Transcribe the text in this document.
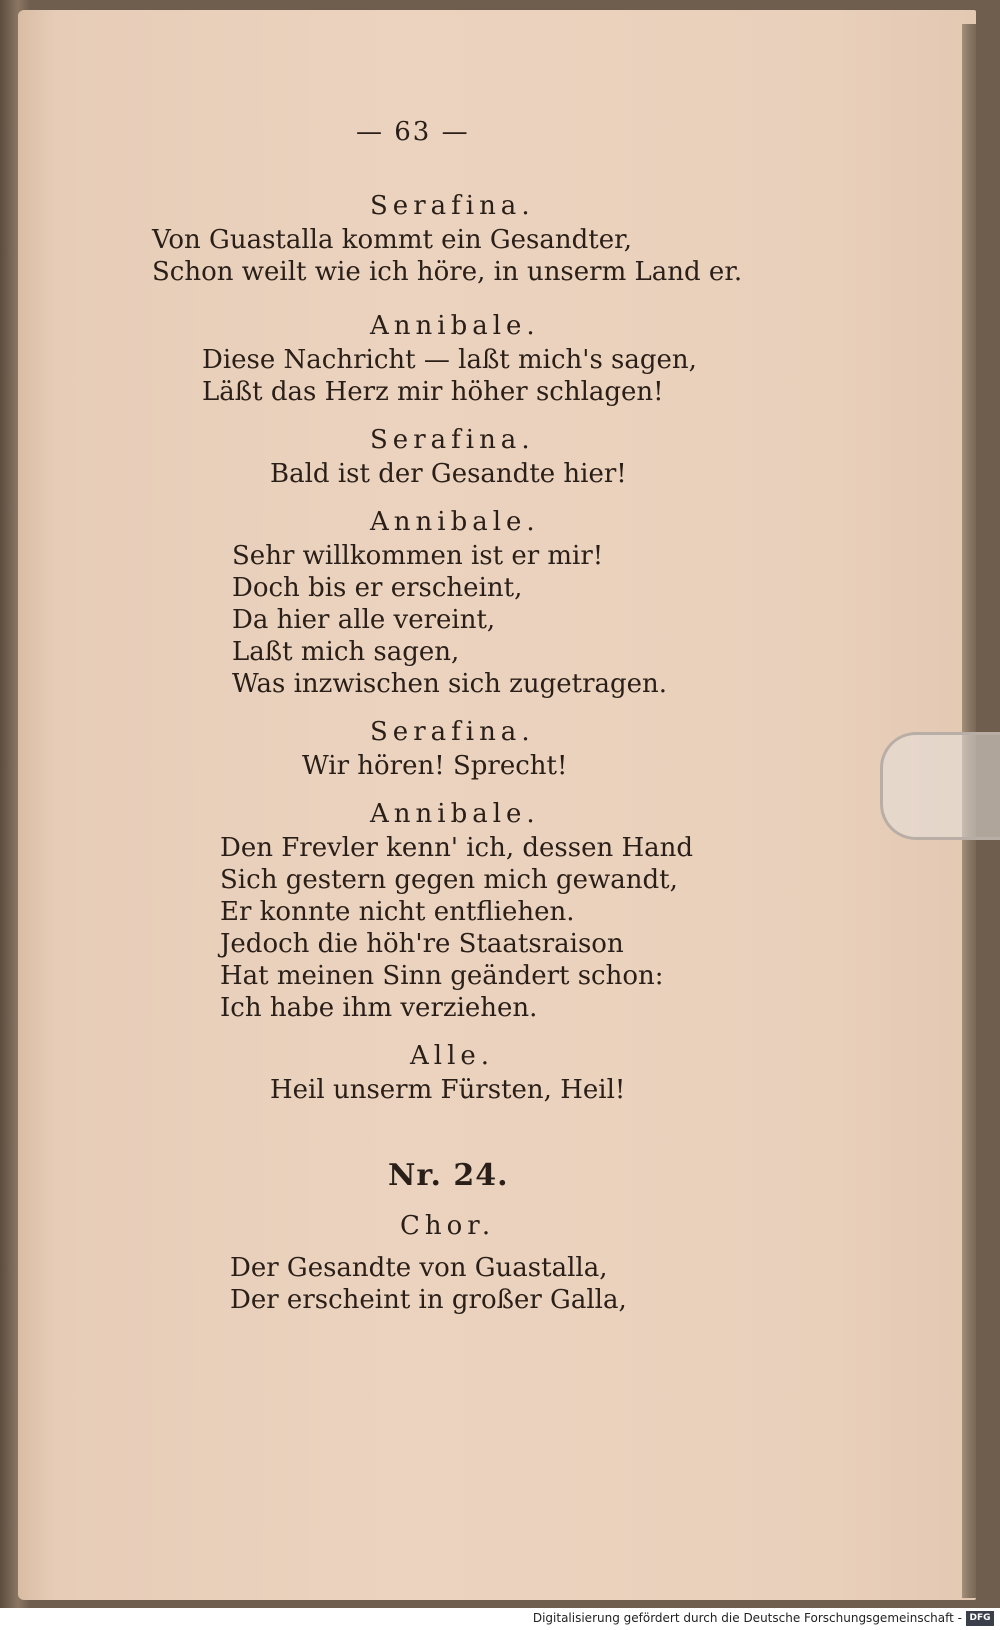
— 63 —
Serafina.
Von Guastalla kommt ein Gesandter,
Schon weilt wie ich höre, in unserm Land er.
Annibale.
Diese Nachricht — laßt mich's sagen,
Läßt das Herz mir höher schlagen!
Serafina.
Bald ist der Gesandte hier!
Annibale.
Sehr willkommen ist er mir!
Doch bis er erscheint,
Da hier alle vereint,
Laßt mich sagen,
Was inzwischen sich zugetragen.
Serafina.
Wir hören! Sprecht!
Annibale.
Den Frevler kenn' ich, dessen Hand
Sich gestern gegen mich gewandt,
Er konnte nicht entfliehen.
Jedoch die höh're Staatsraison
Hat meinen Sinn geändert schon:
Ich habe ihm verziehen.
Alle.
Heil unserm Fürsten, Heil!
Nr. 24.
Chor.
Der Gesandte von Guastalla,
Der erscheint in großer Galla,
Digitalisierung gefördert durch die Deutsche Forschungsgemeinschaft - DFG
